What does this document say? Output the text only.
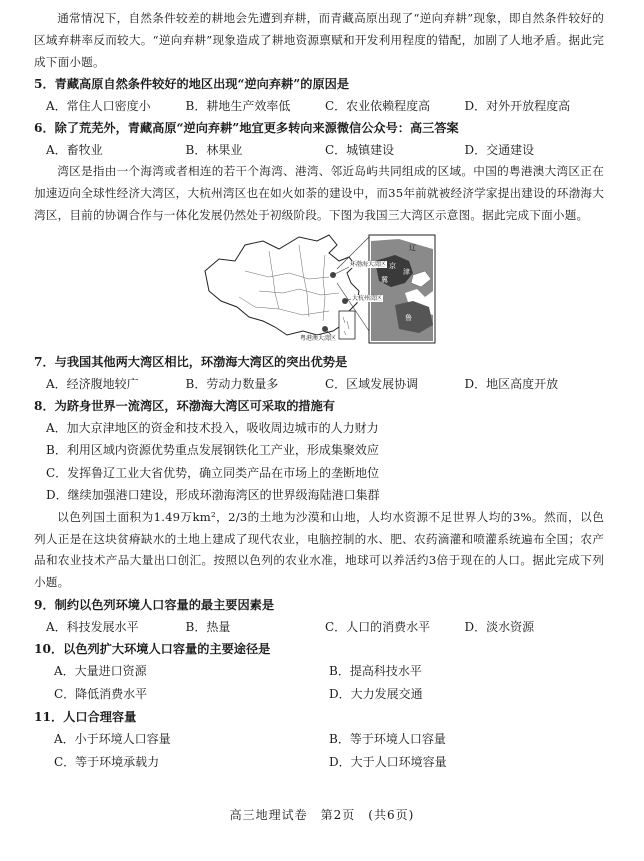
通常情况下，自然条件较差的耕地会先遭到弃耕，而青藏高原出现了“逆向弃耕”现象，即自然条件较好的区域弃耕率反而较大。“逆向弃耕”现象造成了耕地资源禀赋和开发利用程度的错配，加剧了人地矛盾。据此完成下面小题。

5．青藏高原自然条件较好的地区出现“逆向弃耕”的原因是

A．常住人口密度小	B．耕地生产效率低	C．农业依赖程度高	D．对外开放程度高

6．除了荒芜外，青藏高原“逆向弃耕”地宜更多转向来源微信公众号：高三答案

A．畜牧业	B．林果业	C．城镇建设	D．交通建设

湾区是指由一个海湾或者相连的若干个海湾、港湾、邻近岛屿共同组成的区域。中国的粤港澳大湾区正在加速迈向全球性经济大湾区，大杭州湾区也在如火如荼的建设中，而35年前就被经济学家提出建设的环渤海大湾区，目前的协调合作与一体化发展仍然处于初级阶段。下图为我国三大湾区示意图。据此完成下面小题。

环渤海大湾区
大杭州湾区
粤港澳大湾区
辽
冀
京
津
鲁

7．与我国其他两大湾区相比，环渤海大湾区的突出优势是

A．经济腹地较广	B．劳动力数量多	C．区域发展协调	D．地区高度开放

8．为跻身世界一流湾区，环渤海大湾区可采取的措施有

A．加大京津地区的资金和技术投入，吸收周边城市的人力财力

B．利用区域内资源优势重点发展钢铁化工产业，形成集聚效应

C．发挥鲁辽工业大省优势，确立同类产品在市场上的垄断地位

D．继续加强港口建设，形成环渤海湾区的世界级海陆港口集群

以色列国土面积为1.49万km²，2/3的土地为沙漠和山地，人均水资源不足世界人均的3%。然而，以色列人正是在这块贫瘠缺水的土地上建成了现代农业，电脑控制的水、肥、农药滴灌和喷灌系统遍布全国；农产品和农业技术产品大量出口创汇。按照以色列的农业水准，地球可以养活约3倍于现在的人口。据此完成下列小题。

9．制约以色列环境人口容量的最主要因素是

A．科技发展水平	B．热量	C．人口的消费水平	D．淡水资源

10．以色列扩大环境人口容量的主要途径是

A．大量进口资源	B．提高科技水平
C．降低消费水平	D．大力发展交通

11．人口合理容量

A．小于环境人口容量	B．等于环境人口容量
C．等于环境承载力	D．大于人口环境容量
高三地理试卷　第2页　(共6页)
